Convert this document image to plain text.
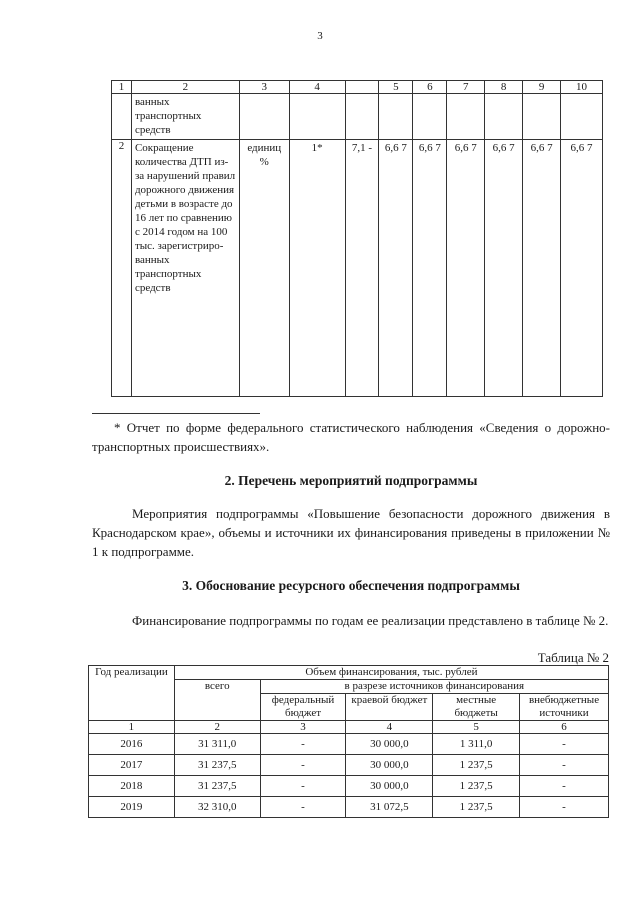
3
1	2	3	4		5	6	7	8	9	10
	ванных транспортных средств									
2	Сокращение количества ДТП из-за нарушений правил дорожного движения детьми в возрасте до 16 лет по сравнению с 2014 годом на 100 тыс. зарегистриро-ванных транспортных средств	единиц %	1*	7,1 -	6,6 7	6,6 7	6,6 7	6,6 7	6,6 7	6,6 7
* Отчет по форме федерального статистического наблюдения «Сведения о дорожно-транспортных происшествиях».
2. Перечень мероприятий подпрограммы
Мероприятия подпрограммы «Повышение безопасности дорожного движения в Краснодарском крае», объемы и источники их финансирования приведены в приложении № 1 к подпрограмме.
3. Обоснование ресурсного обеспечения подпрограммы
Финансирование подпрограммы по годам ее реализации представлено в таблице № 2.
Таблица № 2
Год реализации	Объем финансирования, тыс. рублей				
	всего	в разрезе источников финансирования			
		федеральный бюджет	краевой бюджет	местные бюджеты	внебюджетные источники
1	2	3	4	5	6
2016	31 311,0	-	30 000,0	1 311,0	-
2017	31 237,5	-	30 000,0	1 237,5	-
2018	31 237,5	-	30 000,0	1 237,5	-
2019	32 310,0	-	31 072,5	1 237,5	-
